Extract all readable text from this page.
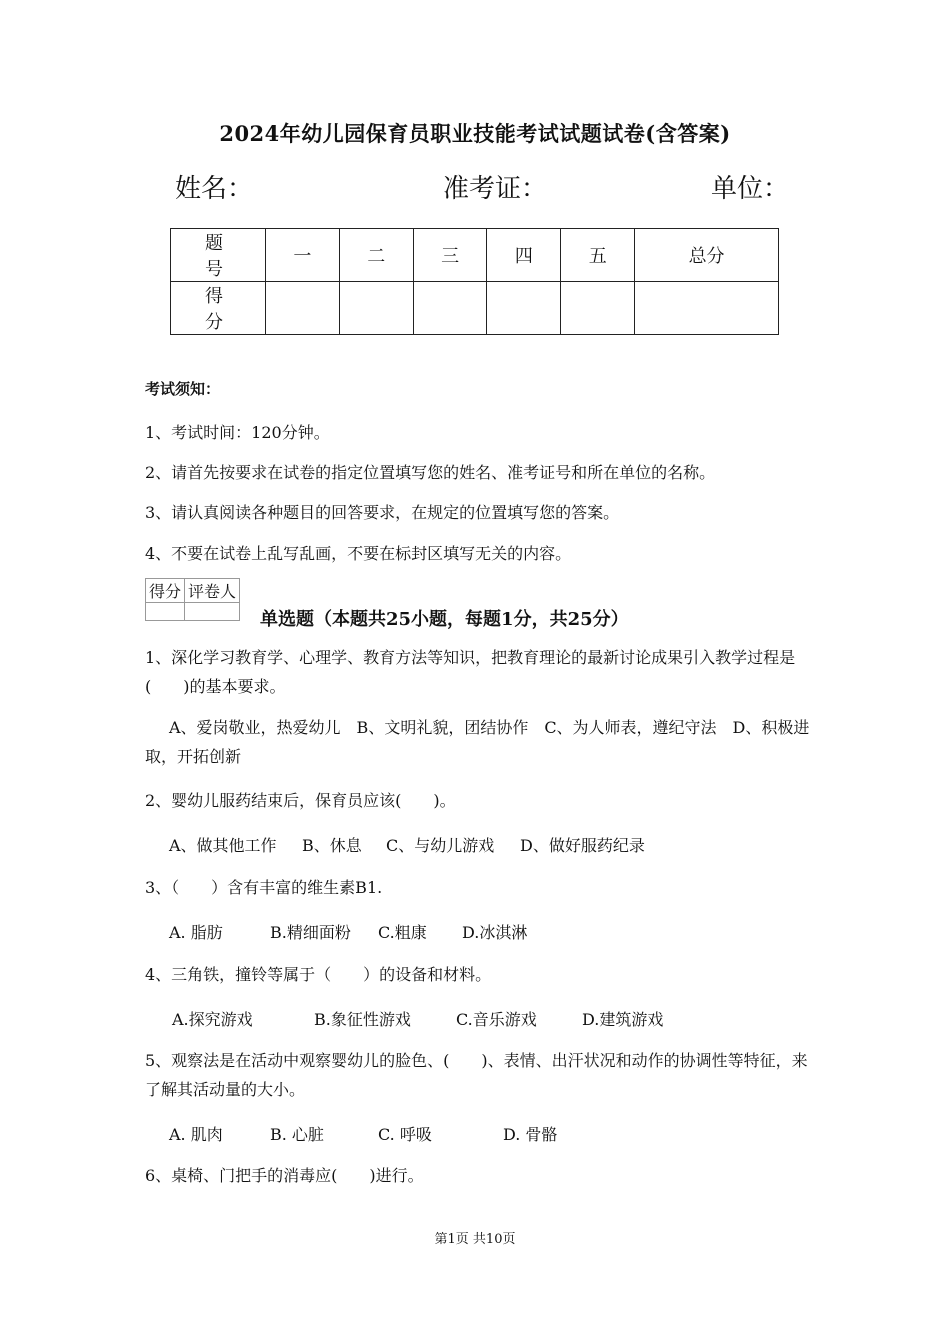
2024年幼儿园保育员职业技能考试试题试卷(含答案)
姓名：	准考证：	单位：
题　号	一	二	三	四	五	总分
得　分						
考试须知：
1、考试时间：120分钟。
2、请首先按要求在试卷的指定位置填写您的姓名、准考证号和所在单位的名称。
3、请认真阅读各种题目的回答要求，在规定的位置填写您的答案。
4、不要在试卷上乱写乱画，不要在标封区填写无关的内容。
得分	评卷人

单选题（本题共25小题，每题1分，共25分）
1、深化学习教育学、心理学、教育方法等知识，把教育理论的最新讨论成果引入教学过程是(　　)的基本要求。
A、爱岗敬业，热爱幼儿　B、文明礼貌，团结协作　C、为人师表，遵纪守法　D、积极进取，开拓创新
2、婴幼儿服药结束后，保育员应该(　　)。
A、做其他工作 B、休息 C、与幼儿游戏 D、做好服药纪录
3、（　　）含有丰富的维生素B1.
A. 脂肪	B.精细面粉 C.粗康 D.冰淇淋
4、三角铁，撞铃等属于（　　）的设备和材料。
A.探究游戏	B.象征性游戏	C.音乐游戏	D.建筑游戏
5、观察法是在活动中观察婴幼儿的脸色、(　　)、表情、出汗状况和动作的协调性等特征，来了解其活动量的大小。
A. 肌肉	B. 心脏	C. 呼吸	D. 骨骼
6、桌椅、门把手的消毒应(　　)进行。
第1页 共10页
